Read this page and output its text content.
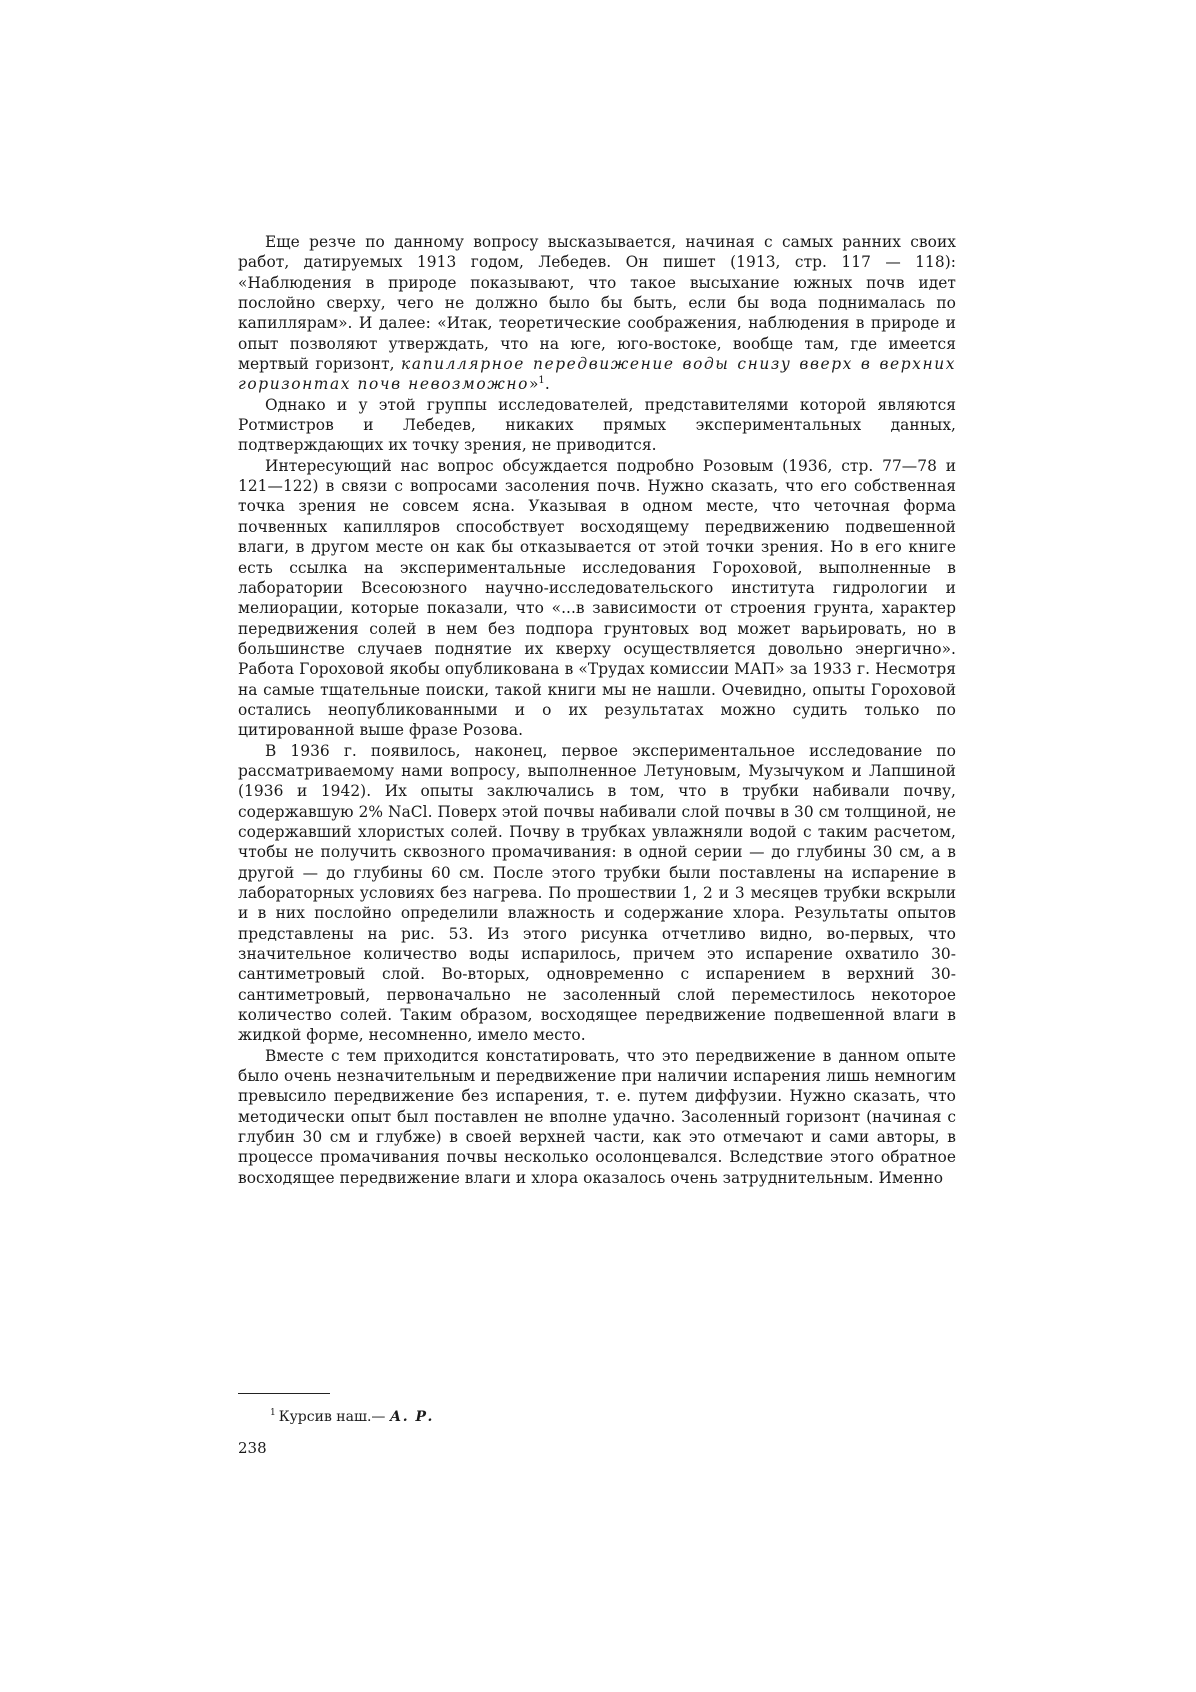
Еще резче по данному вопросу высказывается, начиная с самых ранних своих работ, датируемых 1913 годом, Лебедев. Он пишет (1913, стр. 117 — 118): «Наблюдения в природе показывают, что такое высыхание южных почв идет послойно сверху, чего не должно было бы быть, если бы вода поднималась по капиллярам». И далее: «Итак, теоретические соображения, наблюдения в природе и опыт позволяют утверждать, что на юге, юго-востоке, вообще там, где имеется мертвый горизонт, капиллярное передвижение воды снизу вверх в верхних горизонтах почв невозможно»$^1$.

Однако и у этой группы исследователей, представителями которой являются Ротмистров и Лебедев, никаких прямых экспериментальных данных, подтверждающих их точку зрения, не приводится.

Интересующий нас вопрос обсуждается подробно Розовым (1936, стр. 77—78 и 121—122) в связи с вопросами засоления почв. Нужно сказать, что его собственная точка зрения не совсем ясна. Указывая в одном месте, что четочная форма почвенных капилляров способствует восходящему передвижению подвешенной влаги, в другом месте он как бы отказывается от этой точки зрения. Но в его книге есть ссылка на экспериментальные исследования Гороховой, выполненные в лаборатории Всесоюзного научно-исследовательского института гидрологии и мелиорации, которые показали, что «...в зависимости от строения грунта, характер передвижения солей в нем без подпора грунтовых вод может варьировать, но в большинстве случаев поднятие их кверху осуществляется довольно энергично». Работа Гороховой якобы опубликована в «Трудах комиссии МАП» за 1933 г. Несмотря на самые тщательные поиски, такой книги мы не нашли. Очевидно, опыты Гороховой остались неопубликованными и о их результатах можно судить только по цитированной выше фразе Розова.

В 1936 г. появилось, наконец, первое экспериментальное исследование по рассматриваемому нами вопросу, выполненное Летуновым, Музычуком и Лапшиной (1936 и 1942). Их опыты заключались в том, что в трубки набивали почву, содержавшую 2% NaCl. Поверх этой почвы набивали слой почвы в 30 см толщиной, не содержавший хлористых солей. Почву в трубках увлажняли водой с таким расчетом, чтобы не получить сквозного промачивания: в одной серии — до глубины 30 см, а в другой — до глубины 60 см. После этого трубки были поставлены на испарение в лабораторных условиях без нагрева. По прошествии 1, 2 и 3 месяцев трубки вскрыли и в них послойно определили влажность и содержание хлора. Результаты опытов представлены на рис. 53. Из этого рисунка отчетливо видно, во-первых, что значительное количество воды испарилось, причем это испарение охватило 30-сантиметровый слой. Во-вторых, одновременно с испарением в верхний 30-сантиметровый, первоначально не засоленный слой переместилось некоторое количество солей. Таким образом, восходящее передвижение подвешенной влаги в жидкой форме, несомненно, имело место.

Вместе с тем приходится констатировать, что это передвижение в данном опыте было очень незначительным и передвижение при наличии испарения лишь немногим превысило передвижение без испарения, т. е. путем диффузии. Нужно сказать, что методически опыт был поставлен не вполне удачно. Засоленный горизонт (начиная с глубин 30 см и глубже) в своей верхней части, как это отмечают и сами авторы, в процессе промачивания почвы несколько осолонцевался. Вследствие этого обратное восходящее передвижение влаги и хлора оказалось очень затруднительным. Именно

$^1$ Курсив наш.— А. Р.
238
